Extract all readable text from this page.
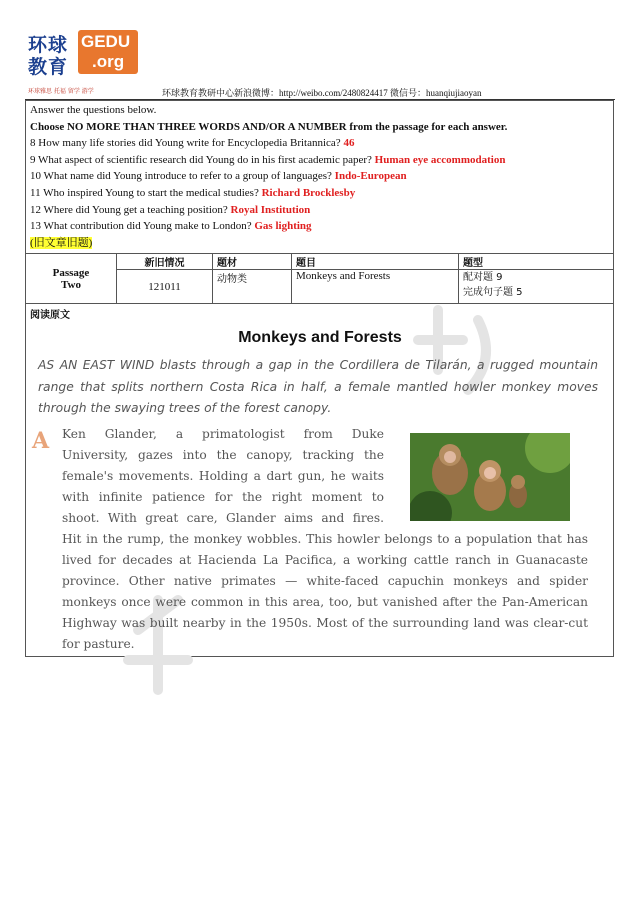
环球
教育
GEDU
.org
环球雅思 托福 留学 游学	环球教育教研中心新浪微博：http://weibo.com/2480824417 微信号：huanqiujiaoyan
Answer the questions below.
Choose NO MORE THAN THREE WORDS AND/OR A NUMBER from the passage for each answer.
8 How many life stories did Young write for Encyclopedia Britannica? 46
9 What aspect of scientific research did Young do in his first academic paper? Human eye accommodation
10 What name did Young introduce to refer to a group of languages? Indo-European
11 Who inspired Young to start the medical studies? Richard Brocklesby
12 Where did Young get a teaching position? Royal Institution
13 What contribution did Young make to London? Gas lighting
(旧文章旧题)
Passage
Two	新旧情况	题材	题目	题型
	121011	动物类	Monkeys and Forests	配对题 9
完成句子题 5
阅读原文
Monkeys and Forests
AS AN EAST WIND blasts through a gap in the Cordillera de Tilarán, a rugged mountain range that splits northern Costa Rica in half, a female mantled howler monkey moves through the swaying trees of the forest canopy.
A Ken Glander, a primatologist from Duke
University, gazes into the canopy, tracking the
female's movements. Holding a dart gun, he waits
with infinite patience for the right moment to
shoot. With great care, Glander aims and fires.
Hit in the rump, the monkey wobbles. This howler belongs to a population that has lived for decades at Hacienda La Pacifica, a working cattle ranch in Guanacaste province. Other native primates — white-faced capuchin monkeys and spider monkeys once were common in this area, too, but vanished after the Pan-American Highway was built nearby in the 1950s. Most of the surrounding land was clear-cut for pasture.
